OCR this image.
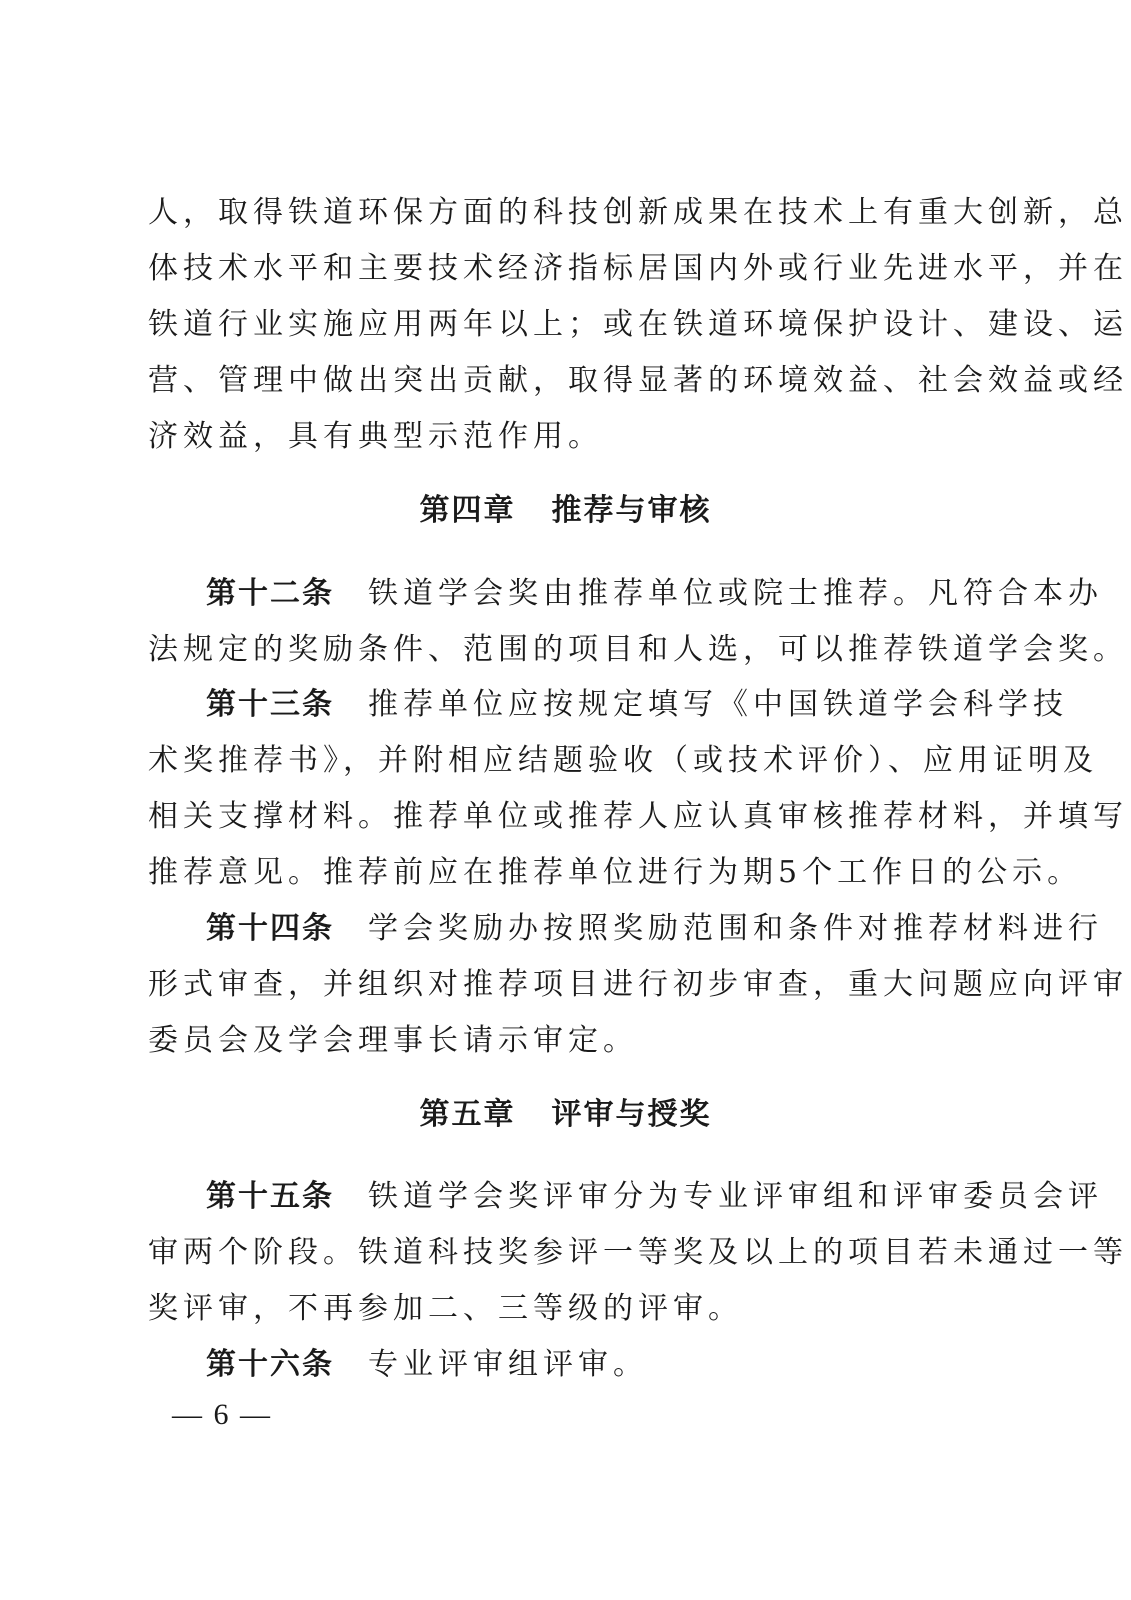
人，取得铁道环保方面的科技创新成果在技术上有重大创新，总
体技术水平和主要技术经济指标居国内外或行业先进水平，并在
铁道行业实施应用两年以上；或在铁道环境保护设计、建设、运
营、管理中做出突出贡献，取得显著的环境效益、社会效益或经
济效益，具有典型示范作用。
第四章 推荐与审核
第十二条 铁道学会奖由推荐单位或院士推荐。凡符合本办
法规定的奖励条件、范围的项目和人选，可以推荐铁道学会奖。
第十三条 推荐单位应按规定填写《中国铁道学会科学技
术奖推荐书》，并附相应结题验收（或技术评价）、应用证明及
相关支撑材料。推荐单位或推荐人应认真审核推荐材料，并填写
推荐意见。推荐前应在推荐单位进行为期5个工作日的公示。
第十四条 学会奖励办按照奖励范围和条件对推荐材料进行
形式审查，并组织对推荐项目进行初步审查，重大问题应向评审
委员会及学会理事长请示审定。
第五章 评审与授奖
第十五条 铁道学会奖评审分为专业评审组和评审委员会评
审两个阶段。铁道科技奖参评一等奖及以上的项目若未通过一等
奖评审，不再参加二、三等级的评审。
第十六条 专业评审组评审。
— 6 —
